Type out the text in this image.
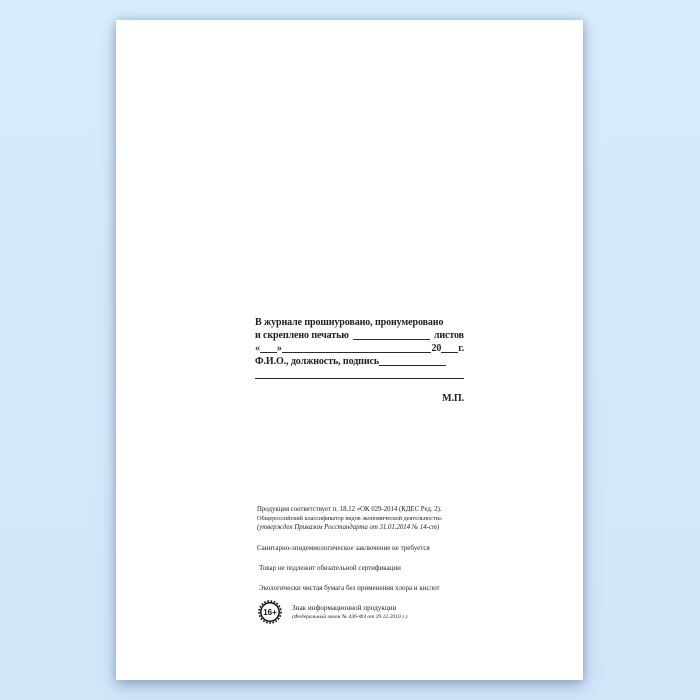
В журнале прошнуровано, пронумеровано
и скреплено печатью	листов
« »	20 г.
Ф.И.О., должность, подпись
М.П.
Продукция соответствует п. 18.12 «ОК 029-2014 (КДЕС Ред. 2).
Общероссийский классификатор видов экономической деятельности»
(утвержден Приказом Росстандарта от 31.01.2014 № 14-ст)
Санитарно-эпидемиологическое заключение не требуется
Товар не подлежит обязательной сертификации
Экологически чистая бумага без применения хлора и кислот
16+
Знак информационной продукции
(Федеральный закон № 436-ФЗ от 29.12.2010 г.)
